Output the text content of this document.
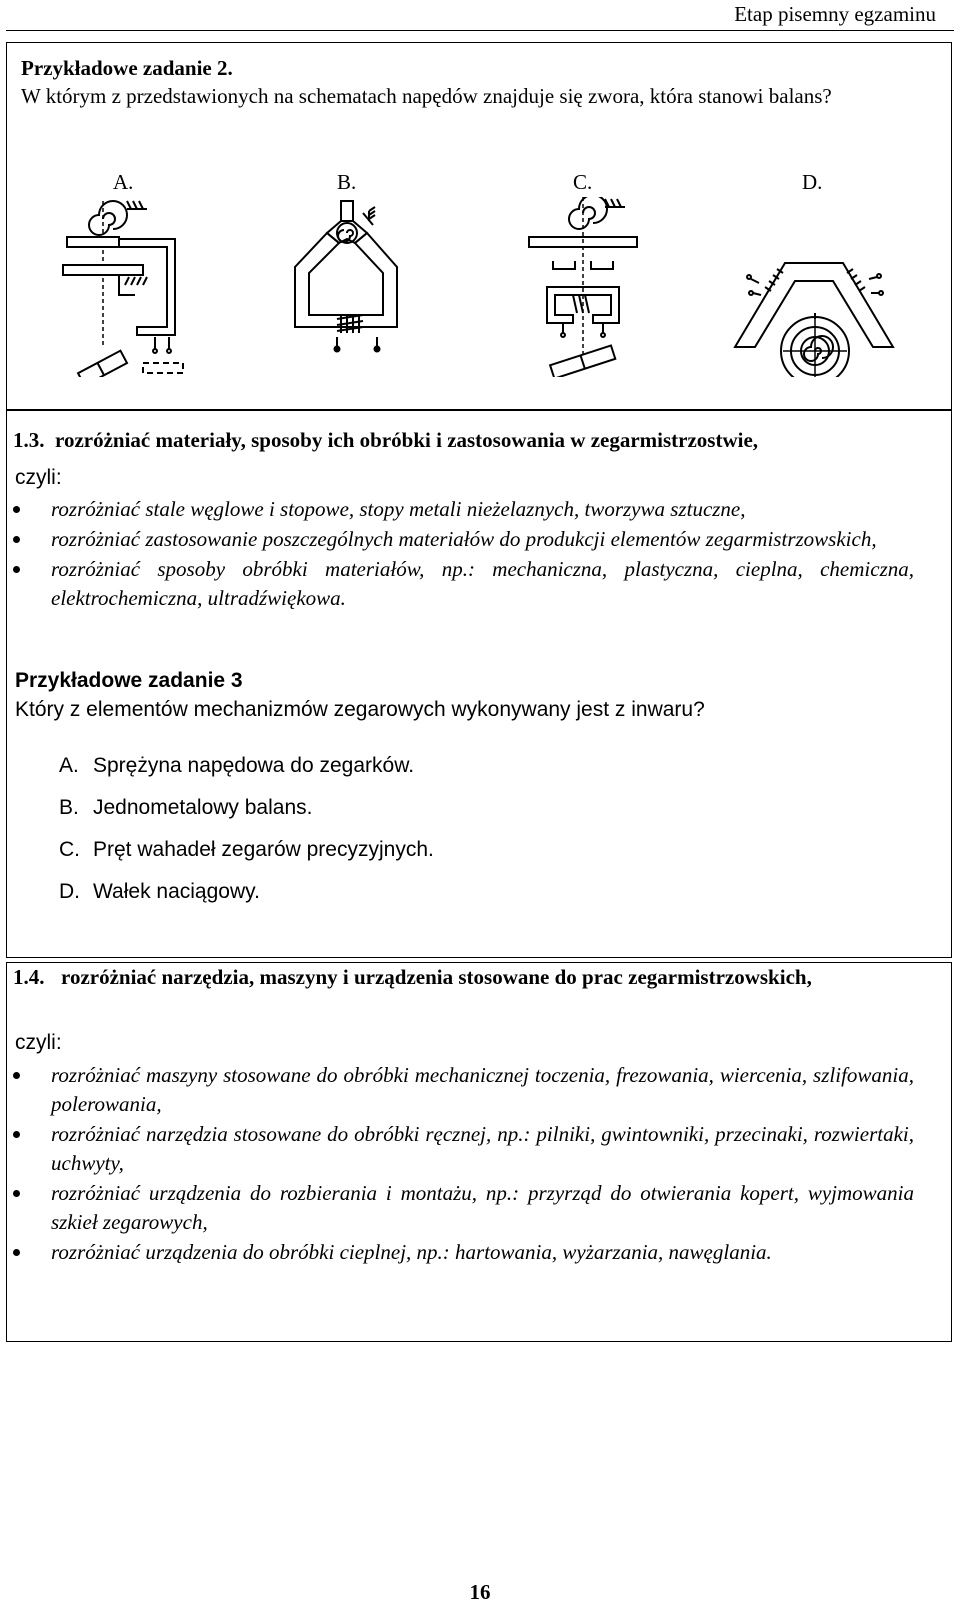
Etap pisemny egzaminu
Przykładowe zadanie 2.
W którym z przedstawionych na schematach napędów znajduje się zwora, która stanowi balans?
A.	B.	C.	D.
1.3. rozróżniać materiały, sposoby ich obróbki i zastosowania w zegarmistrzostwie,
czyli:
rozróżniać stale węglowe i stopowe, stopy metali nieżelaznych, tworzywa sztuczne,
rozróżniać zastosowanie poszczególnych materiałów do produkcji elementów zegarmistrzowskich,
rozróżniać sposoby obróbki materiałów, np.: mechaniczna, plastyczna, cieplna, chemiczna, elektrochemiczna, ultradźwiękowa.
Przykładowe zadanie 3
Który z elementów mechanizmów zegarowych wykonywany jest z inwaru?
A. Sprężyna napędowa do zegarków.
B. Jednometalowy balans.
C. Pręt wahadeł zegarów precyzyjnych.
D. Wałek naciągowy.
1.4. rozróżniać narzędzia, maszyny i urządzenia stosowane do prac zegarmistrzowskich,
czyli:
rozróżniać maszyny stosowane do obróbki mechanicznej toczenia, frezowania, wiercenia, szlifowania, polerowania,
rozróżniać narzędzia stosowane do obróbki ręcznej, np.: pilniki, gwintowniki, przecinaki, rozwiertaki, uchwyty,
rozróżniać urządzenia do rozbierania i montażu, np.: przyrząd do otwierania kopert, wyjmowania szkieł zegarowych,
rozróżniać urządzenia do obróbki cieplnej, np.: hartowania, wyżarzania, nawęglania.
16
